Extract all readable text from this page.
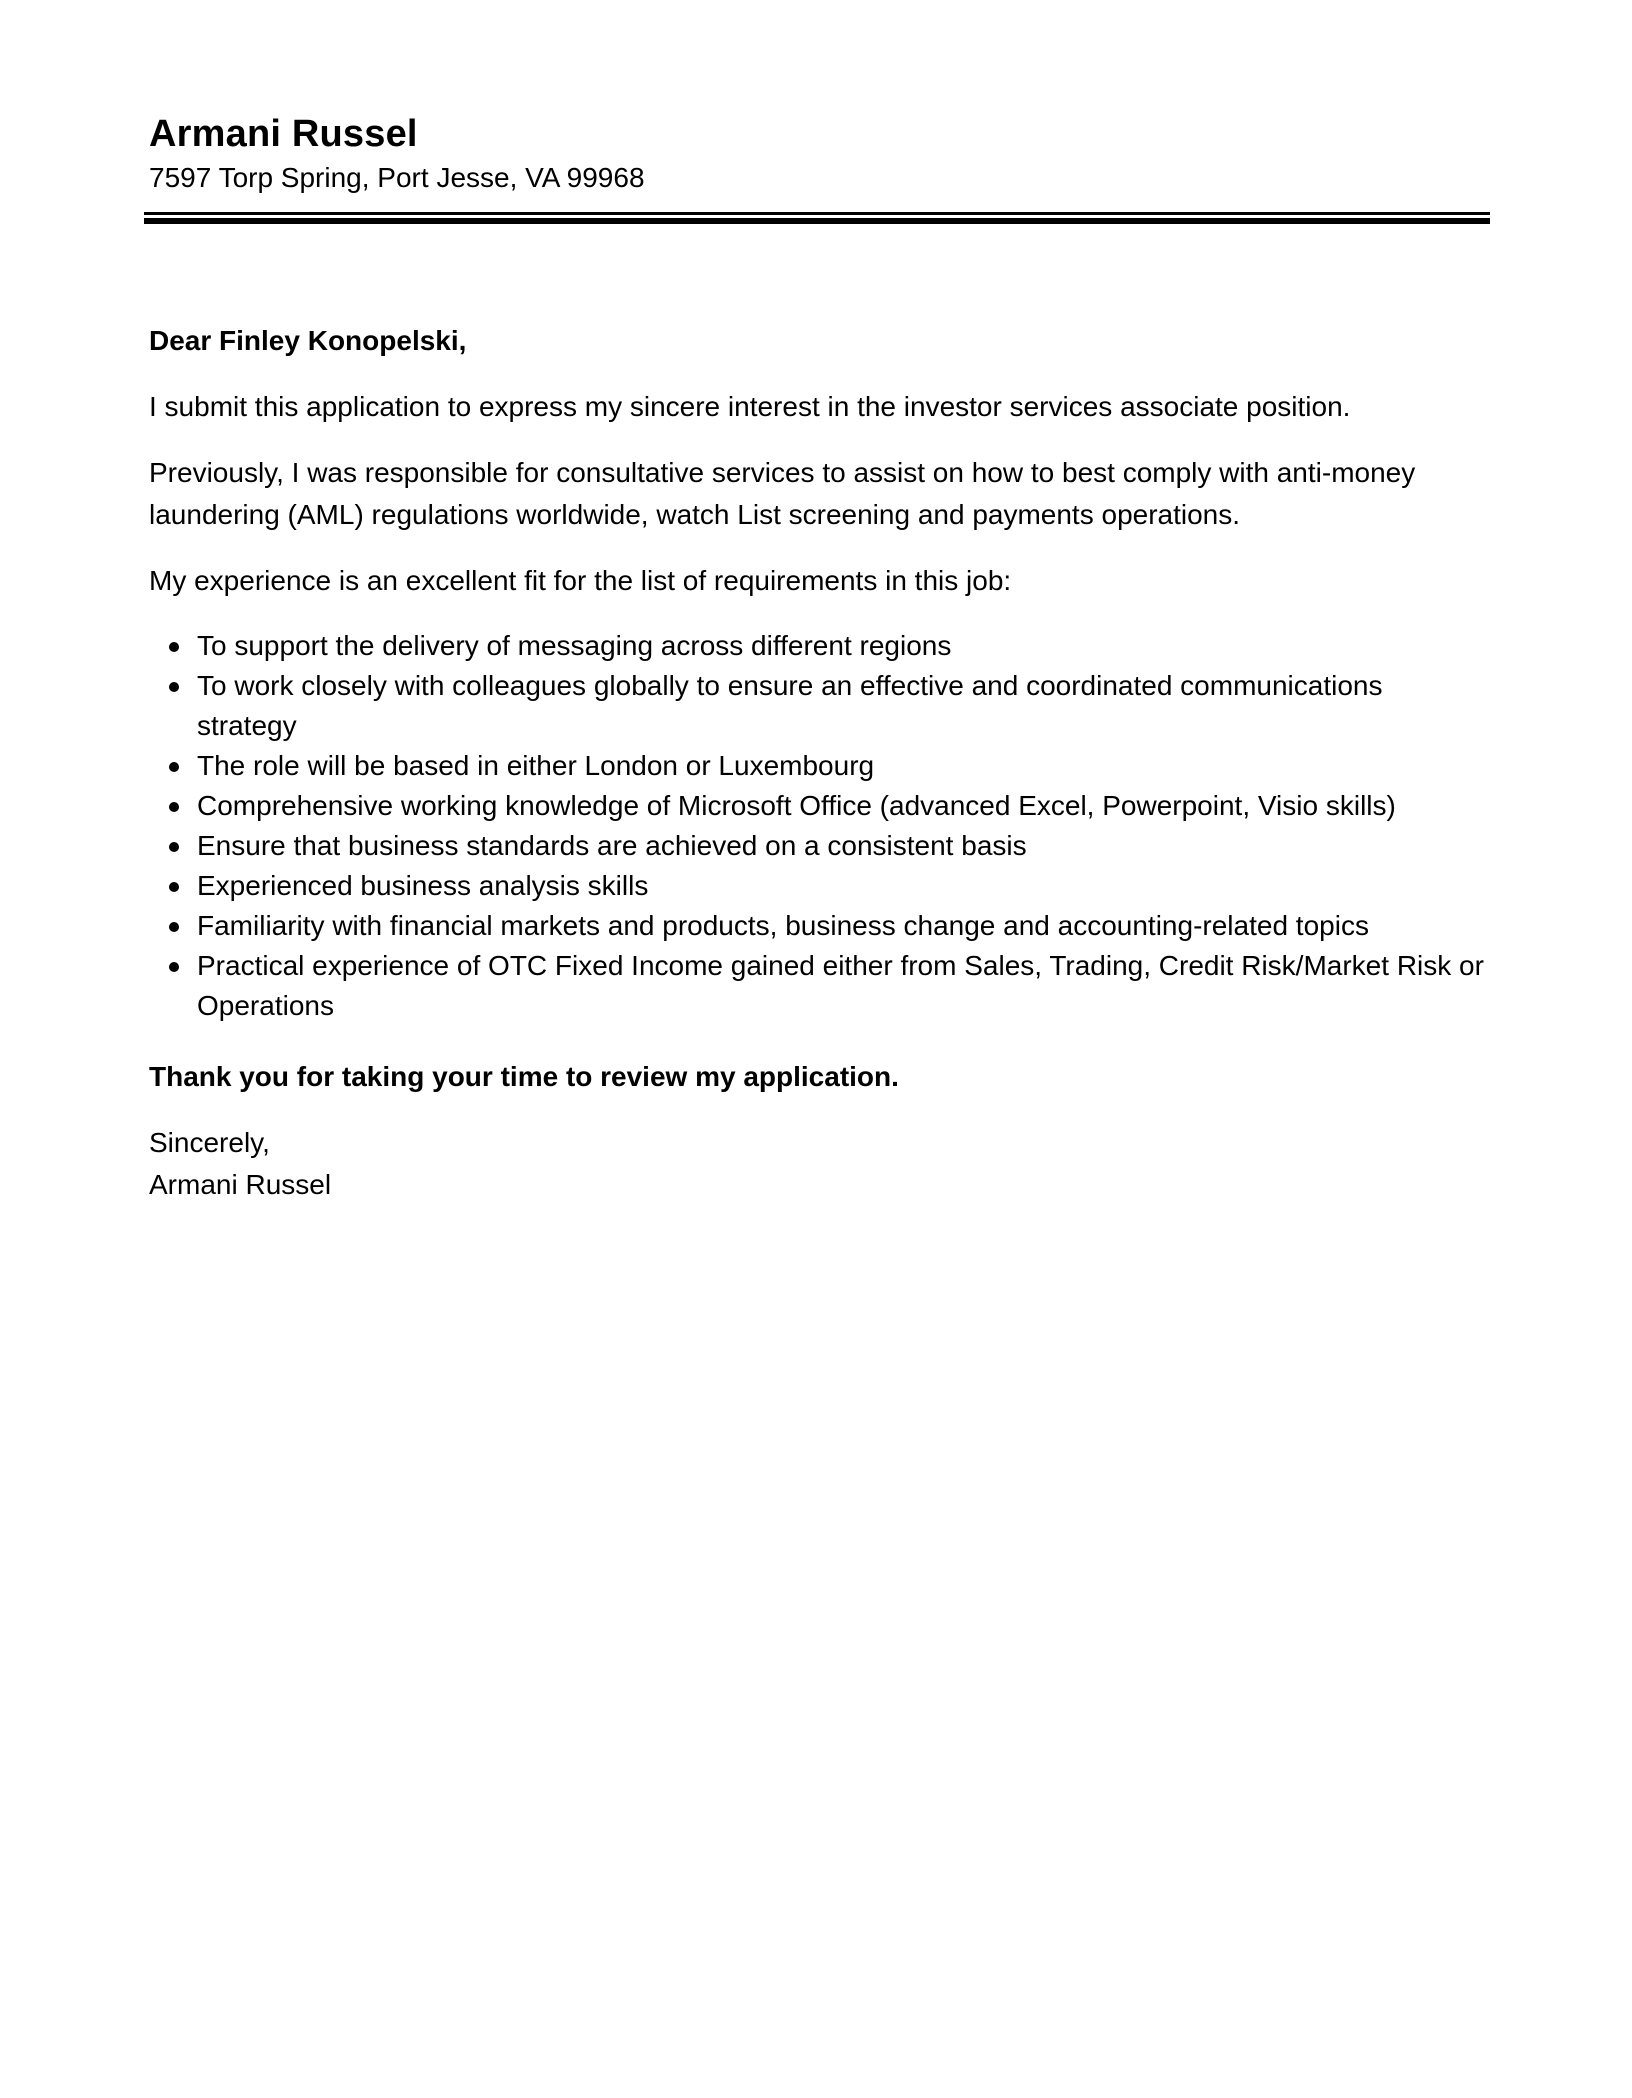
Armani Russel
7597 Torp Spring, Port Jesse, VA 99968

Dear Finley Konopelski,

I submit this application to express my sincere interest in the investor services associate position.

Previously, I was responsible for consultative services to assist on how to best comply with anti-money laundering (AML) regulations worldwide, watch List screening and payments operations.

My experience is an excellent fit for the list of requirements in this job:

To support the delivery of messaging across different regions
To work closely with colleagues globally to ensure an effective and coordinated communications strategy
The role will be based in either London or Luxembourg
Comprehensive working knowledge of Microsoft Office (advanced Excel, Powerpoint, Visio skills)
Ensure that business standards are achieved on a consistent basis
Experienced business analysis skills
Familiarity with financial markets and products, business change and accounting-related topics
Practical experience of OTC Fixed Income gained either from Sales, Trading, Credit Risk/Market Risk or Operations

Thank you for taking your time to review my application.

Sincerely,

Armani Russel
